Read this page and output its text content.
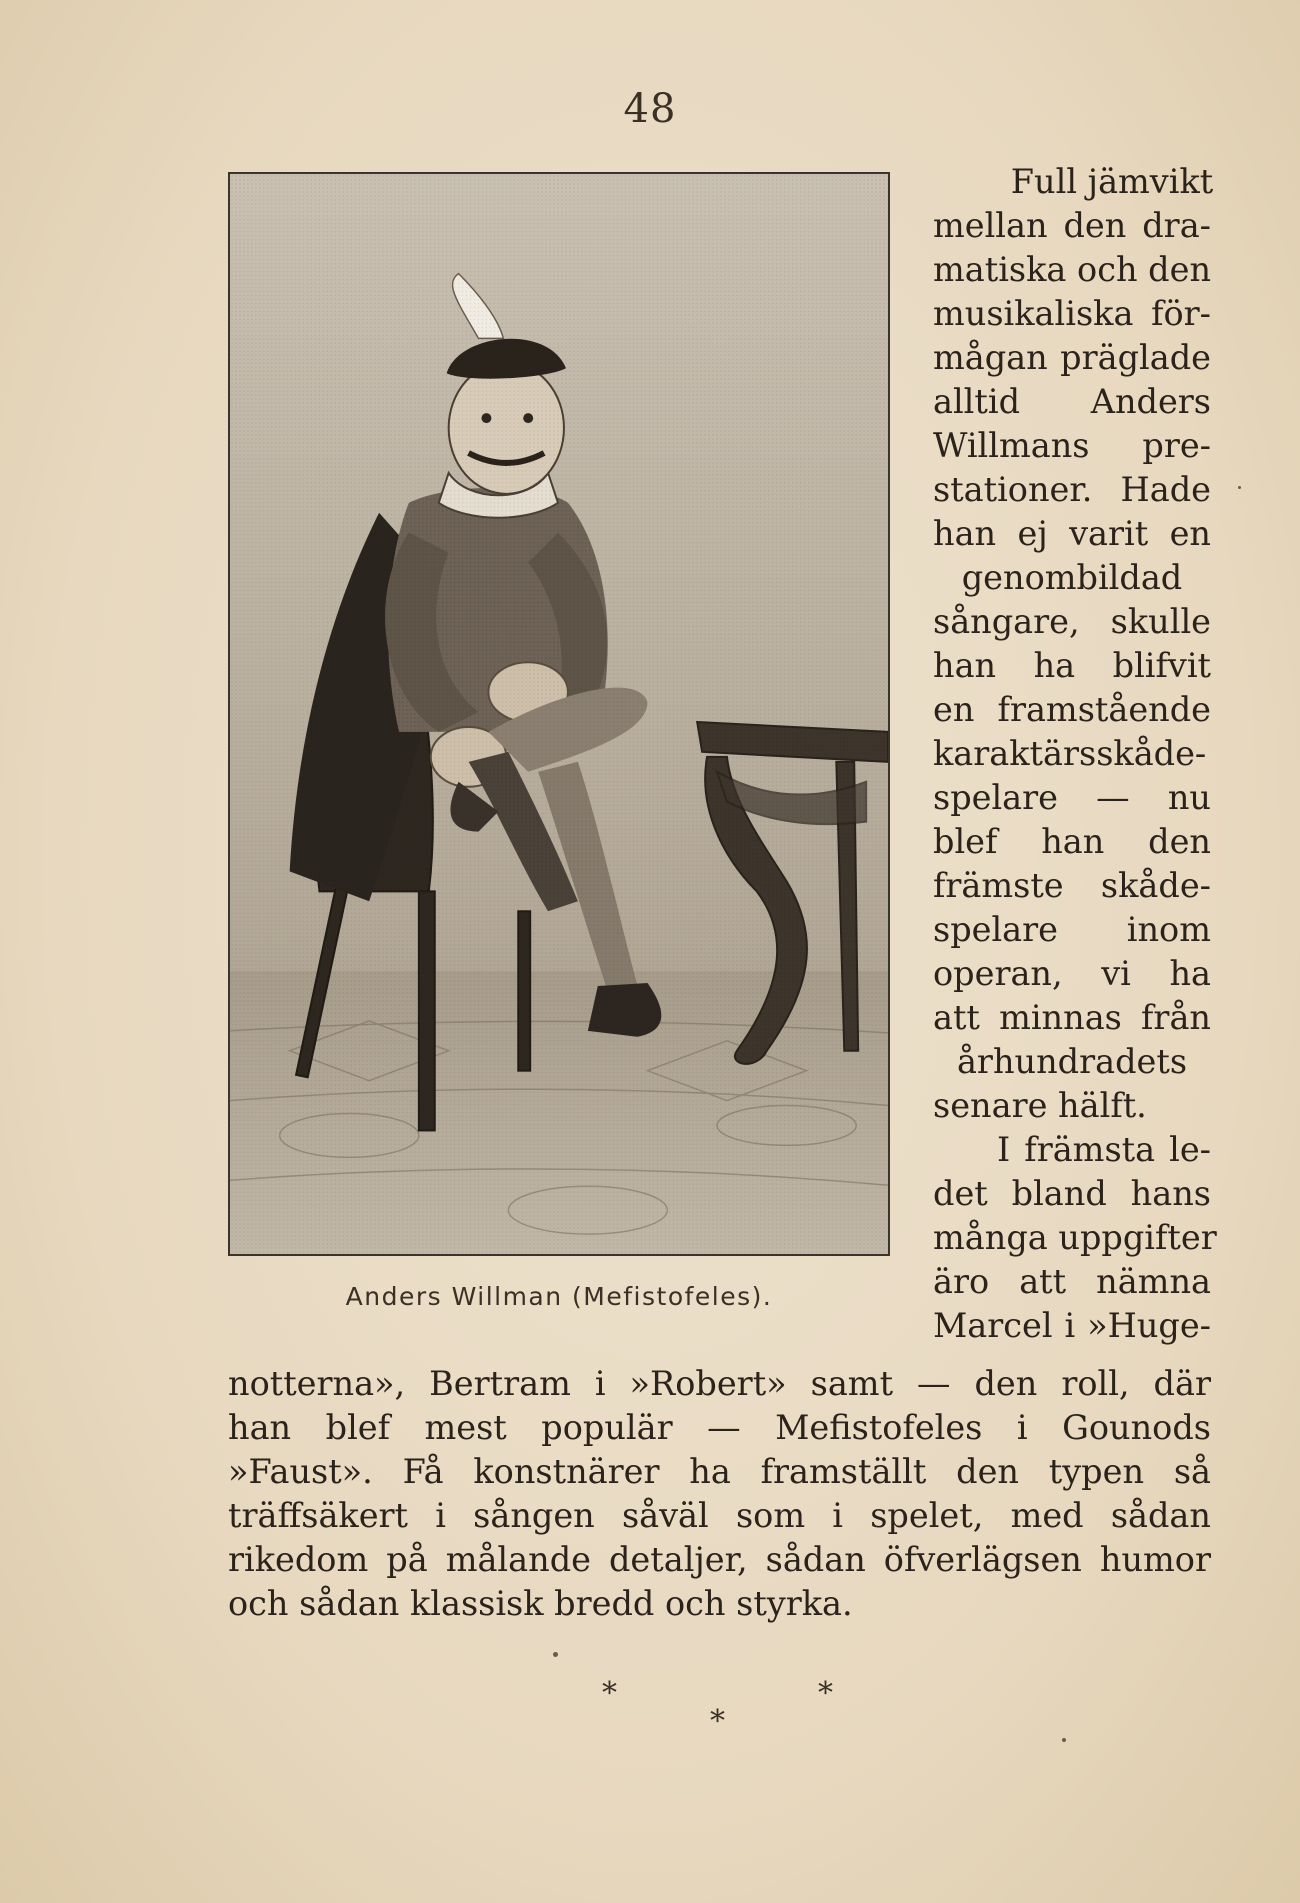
48
Anders Willman (Mefistofeles).
Full jämvikt
mellan den dra-
matiska och den
musikaliska för-
mågan präglade
alltid Anders
Willmans pre-
stationer. Hade
han ej varit en
genombildad
sångare, skulle
han ha blifvit
en framstående
karaktärsskåde-
spelare — nu
blef han den
främste skåde-
spelare inom
operan, vi ha
att minnas från
århundradets
senare hälft.
I främsta le-
det bland hans
många uppgifter
äro att nämna
Marcel i »Huge-
notterna», Bertram i »Robert» samt — den roll, där
han blef mest populär — Mefistofeles i Gounods
»Faust». Få konstnärer ha framställt den typen så
träffsäkert i sången såväl som i spelet, med sådan
rikedom på målande detaljer, sådan öfverlägsen humor
och sådan klassisk bredd och styrka.
*	*
*
